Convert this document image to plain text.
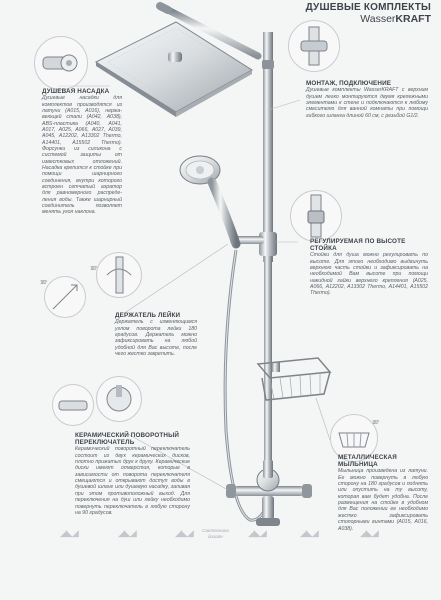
180°
180°
180°
ДУШЕВЫЕ КОМПЛЕКТЫ
WasserKRAFT
ДУШЕВАЯ НАСАДКА

Душевые насадки для комплектов производятся из латуни (А015, А016), нержа- веющей стали (А042, А038), ABS-пластика (А040, А041, А017, А025, А066, А027, А039, А045, А12202, А13302 Thermo, А14401, А15502 Thermo). Форсунки из силикона с системой защиты от известковых отложений. Насадка крепится к стойке при помощи шарнирного соединения, внутри которого встроен сетчатый аэратор для равномерного распреде- ления воды. Также шарнирный соединитель позволяет менять угол наклона.

МОНТАЖ, ПОДКЛЮЧЕНИЕ

Душевые комплекты WasserKRAFT с верхним душем легко монтируются двумя крепежными элементами к стене и подключаются к любому смесителю для ванной комнаты при помощи гибкого шланга длиной 60 см, с резьбой G1/2.

РЕГУЛИРУЕМАЯ ПО ВЫСОТЕ СТОЙКА

Стойки для душа можно регулировать по высоте. Для этого необходимо выдвинуть верхнюю часть стойки и зафиксировать на необходимой Вам высоте при помощи накидной гайки верхнего крепления (А025, А066, А12202, А13302 Thermo, А14401, А15502 Thermo).

ДЕРЖАТЕЛЬ ЛЕЙКИ

Держатель с изменяющимся углом поворота лейки 180 градусов. Держатель можно зафиксировать на любой удобной для Вас высоте, после чего жестко закрепить.

КЕРАМИЧЕСКИЙ ПОВОРОТНЫЙ ПЕРЕКЛЮЧАТЕЛЬ

Керамический поворотный переключатель состоит из двух керамических дисков, плотно прижатых друг к другу. Керамические диски имеют отверстия, которые в зависимости от поворота переключателя смещаются и открывают доступ воды в душевой шланг или душевую насадку, заливая при этом противоположный выход. Для переключения на душ или лейку необходимо повернуть переключатель в любую сторону на 90 градусов.

МЕТАЛЛИЧЕСКАЯ МЫЛЬНИЦА

Мыльница произведена из латуни. Ее можно повернуть в любую сторону на 180 градусов и поднять или опустить на ту высоту, которая вам будет удобна. После размещения на стойке в удобном для Вас положении ее необходимо жестко зафиксировать стопорными винтами (А015, А016, А038).

◢◣◢	◢◣◢	◢◣◢ Сантехника
дизайн	◢◣◢	◢◣◢	◢◣◢
